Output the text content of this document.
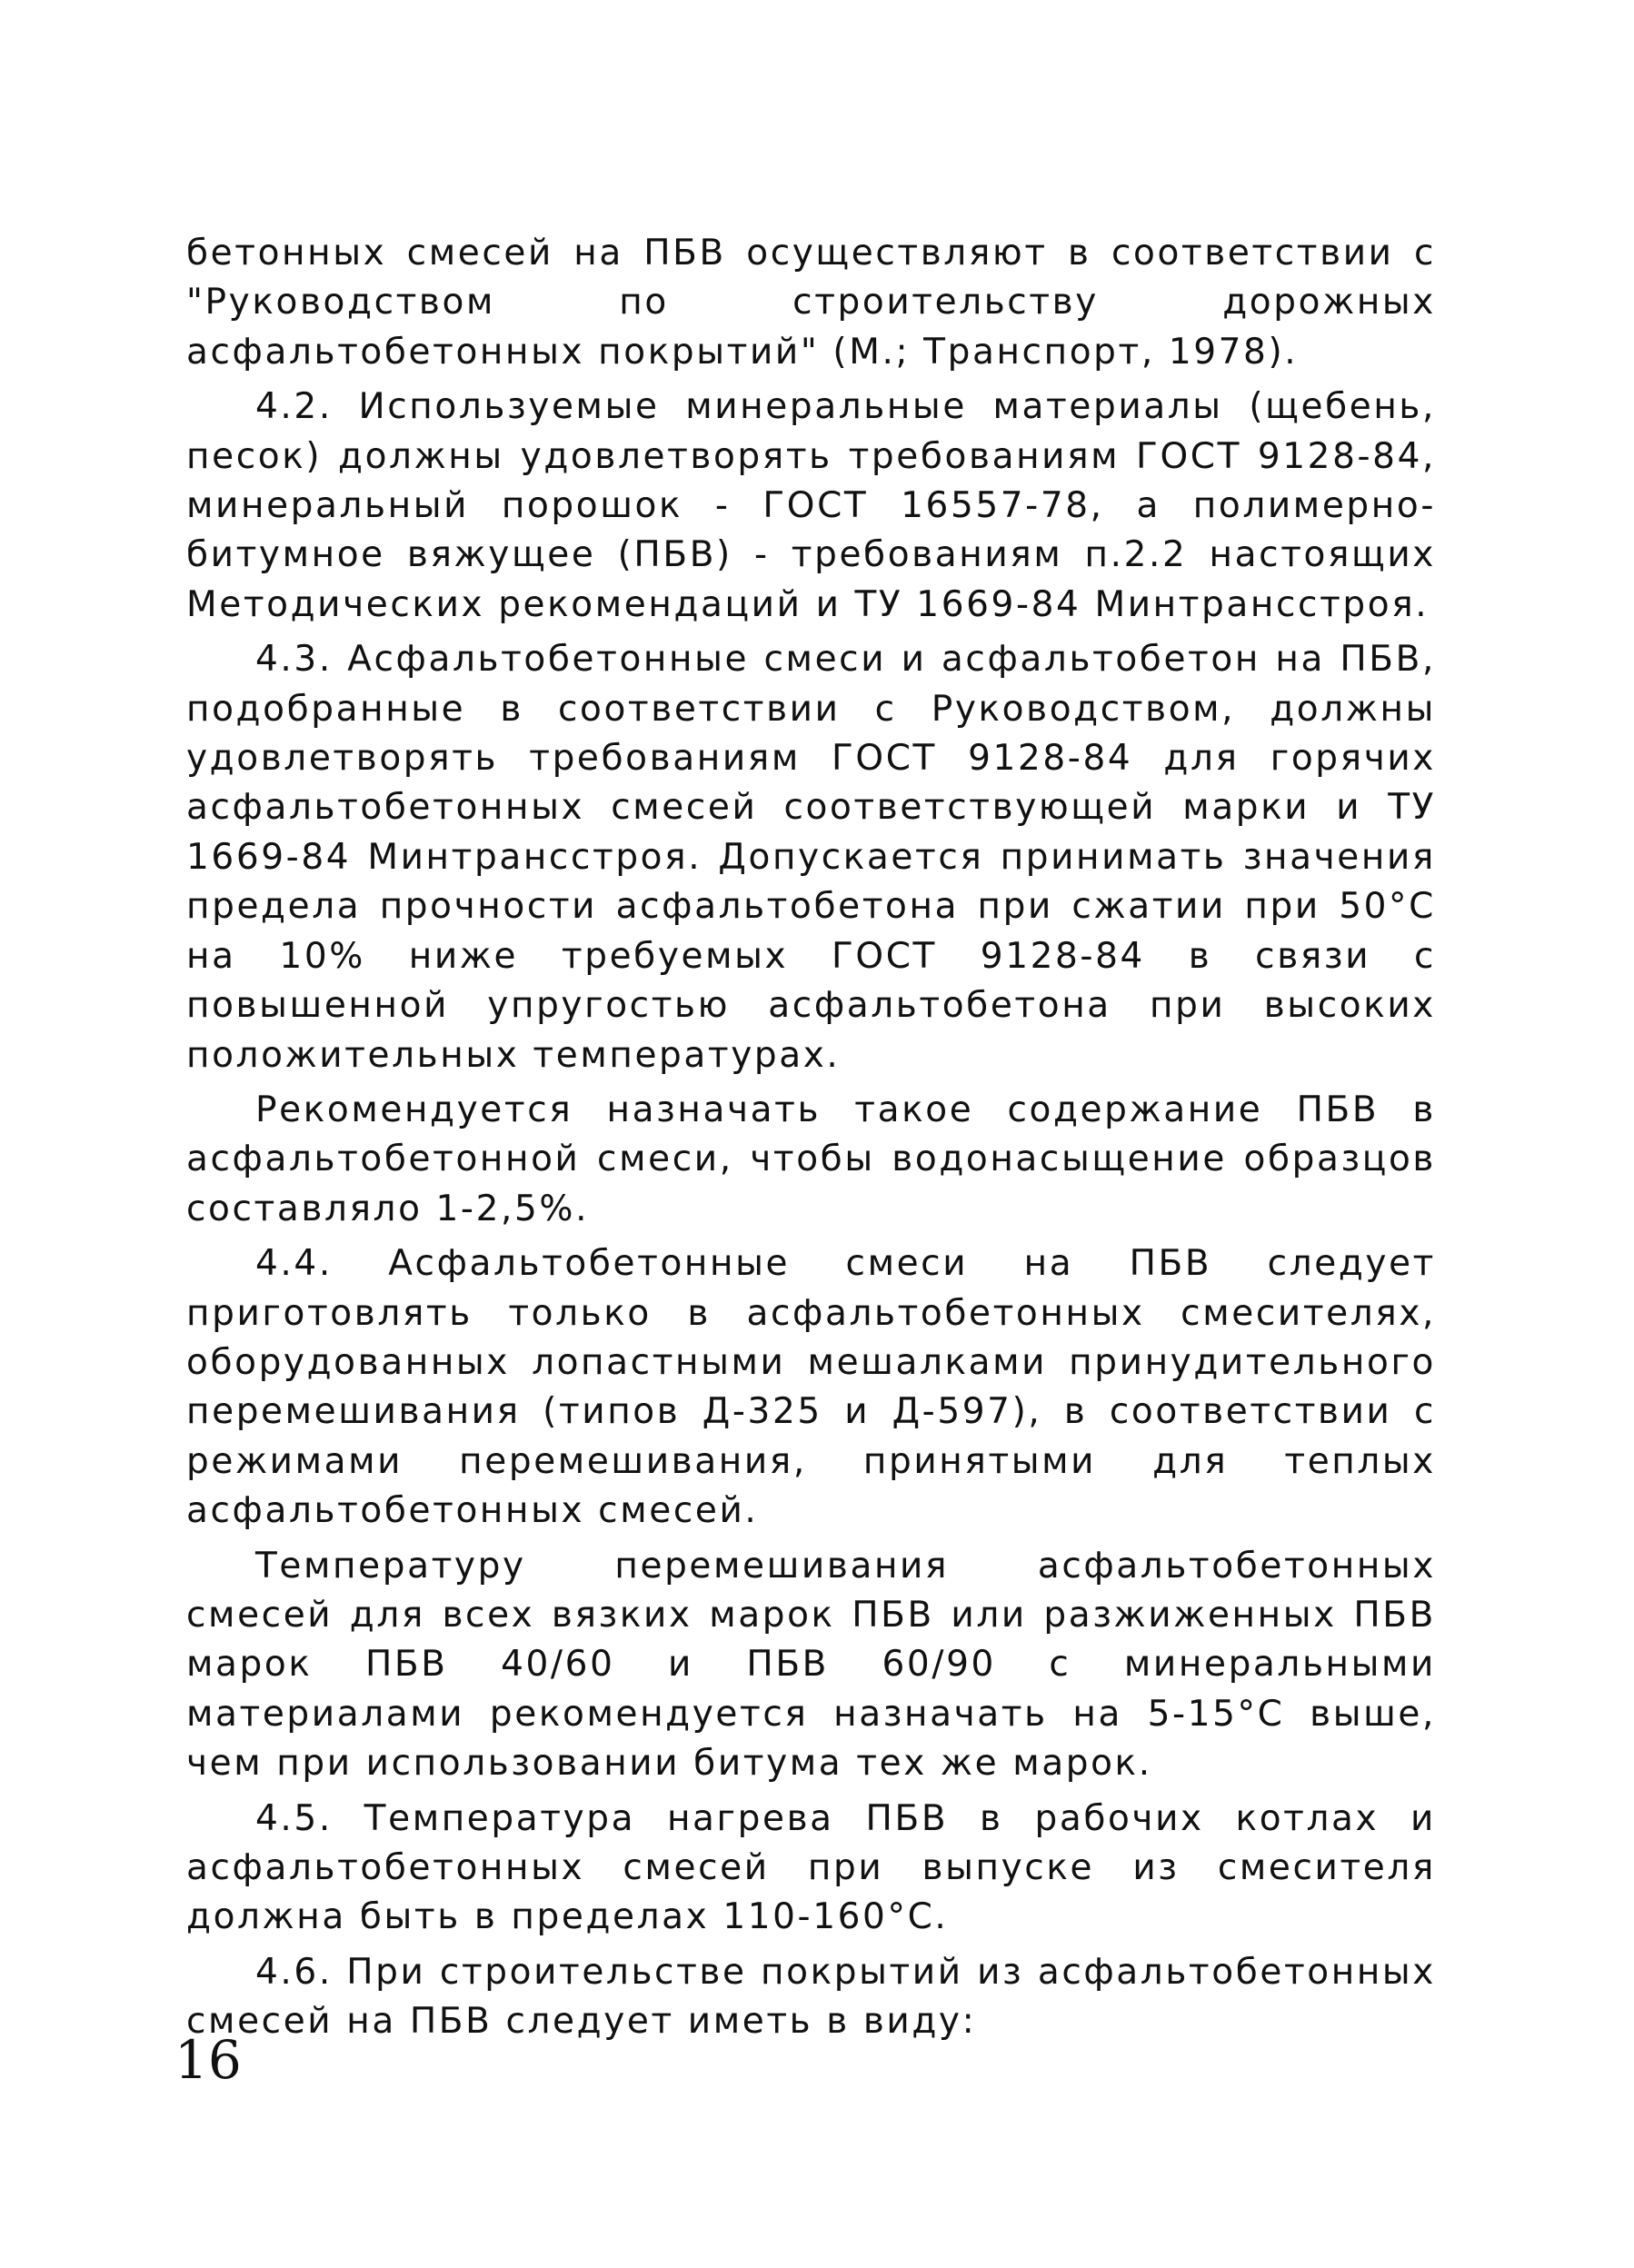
бетонных смесей на ПБВ осуществляют в соответствии с "Руководством по строительству дорожных асфальтобетонных покрытий" (М.; Транспорт, 1978).

4.2. Используемые минеральные материалы (щебень, песок) должны удовлетворять требованиям ГОСТ 9128-84, минеральный порошок - ГОСТ 16557-78, а полимерно-битумное вяжущее (ПБВ) - требованиям п.2.2 настоящих Методических рекомендаций и ТУ 1669-84 Минтрансстроя.

4.3. Асфальтобетонные смеси и асфальтобетон на ПБВ, подобранные в соответствии с Руководством, должны удовлетворять требованиям ГОСТ 9128-84 для горячих асфальтобетонных смесей соответствующей марки и ТУ 1669-84 Минтрансстроя. Допускается принимать значения предела прочности асфальтобетона при сжатии при 50°С на 10% ниже требуемых ГОСТ 9128-84 в связи с повышенной упругостью асфальтобетона при высоких положительных температурах.

Рекомендуется назначать такое содержание ПБВ в асфальтобетонной смеси, чтобы водонасыщение образцов составляло 1-2,5%.

4.4. Асфальтобетонные смеси на ПБВ следует приготовлять только в асфальтобетонных смесителях, оборудованных лопастными мешалками принудительного перемешивания (типов Д-325 и Д-597), в соответствии с режимами перемешивания, принятыми для теплых асфальтобетонных смесей.

Температуру перемешивания асфальтобетонных смесей для всех вязких марок ПБВ или разжиженных ПБВ марок ПБВ 40/60 и ПБВ 60/90 с минеральными материалами рекомендуется назначать на 5-15°С выше, чем при использовании битума тех же марок.

4.5. Температура нагрева ПБВ в рабочих котлах и асфальтобетонных смесей при выпуске из смесителя должна быть в пределах 110-160°С.

4.6. При строительстве покрытий из асфальтобетонных смесей на ПБВ следует иметь в виду:

16
